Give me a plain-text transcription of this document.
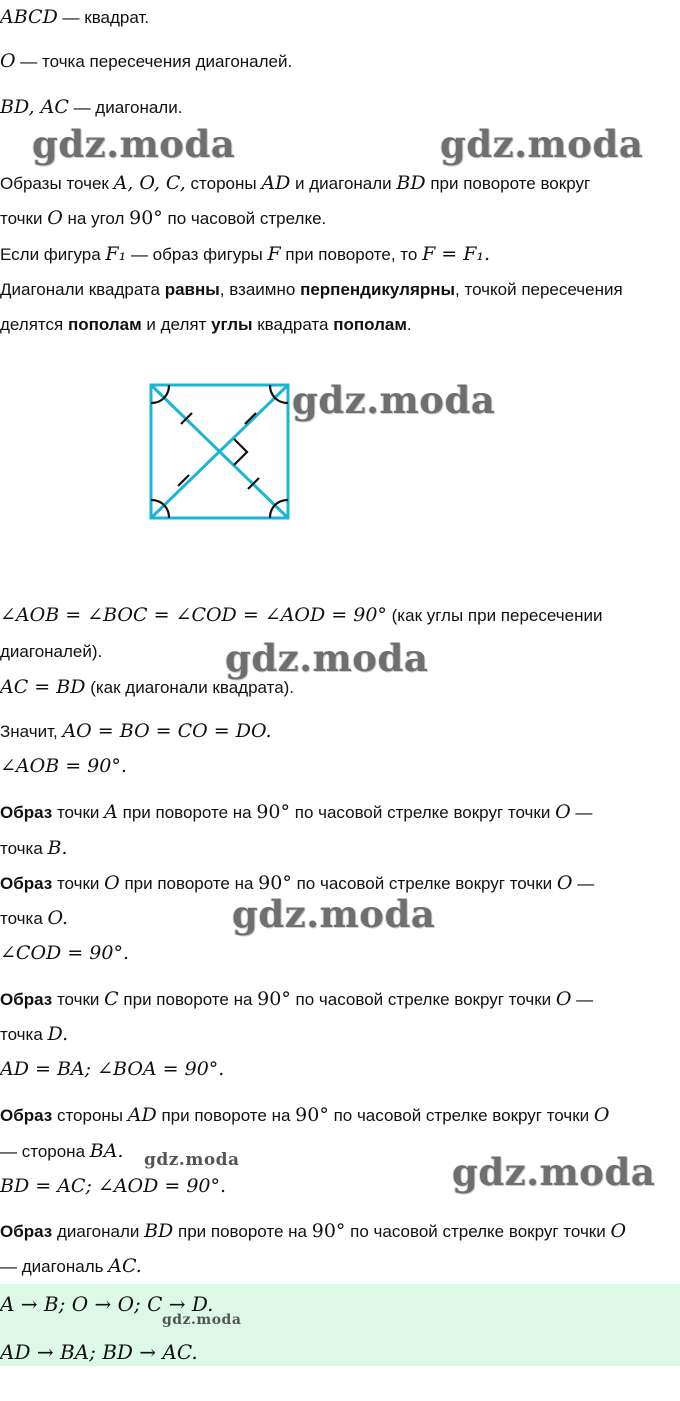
ABCD — квадрат.
O — точка пересечения диагоналей.
BD, AC — диагонали.
gdz.moda	gdz.moda
Образы точек A, O, C, стороны AD и диагонали BD при повороте вокруг
точки O на угол 90° по часовой стрелке.
Если фигура F₁ — образ фигуры F при повороте, то F = F₁.
Диагонали квадрата равны, взаимно перпендикулярны, точкой пересечения
делятся пополам и делят углы квадрата пополам.
gdz.moda
∠AOB = ∠BOC = ∠COD = ∠AOD = 90° (как углы при пересечении
диагоналей).	gdz.moda
AC = BD (как диагонали квадрата).
Значит, AO = BO = CO = DO.
∠AOB = 90°.
Образ точки A при повороте на 90° по часовой стрелке вокруг точки O —
точка B.
Образ точки O при повороте на 90° по часовой стрелке вокруг точки O —
точка O.	gdz.moda
∠COD = 90°.
Образ точки C при повороте на 90° по часовой стрелке вокруг точки O —
точка D.
AD = BA; ∠BOA = 90°.
Образ стороны AD при повороте на 90° по часовой стрелке вокруг точки O
— сторона BA. gdz.moda	gdz.moda
BD = AC; ∠AOD = 90°.
Образ диагонали BD при повороте на 90° по часовой стрелке вокруг точки O
— диагональ AC.
A → B; O → O; C → D.
gdz.moda
AD → BA; BD → AC.
